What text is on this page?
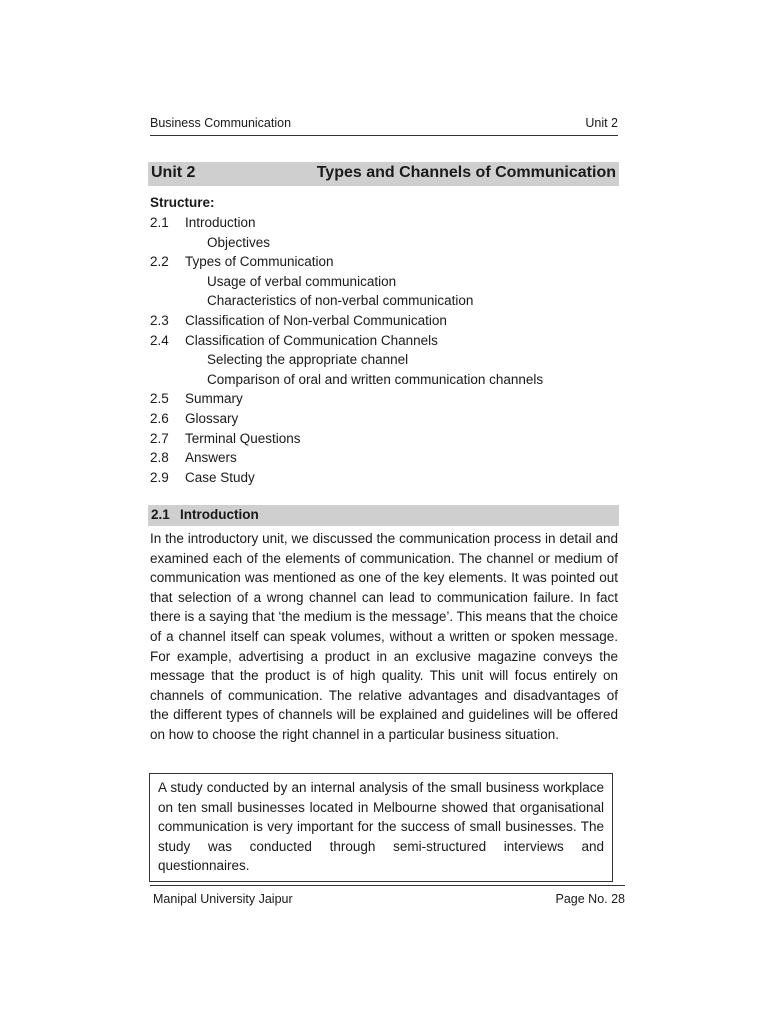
Business Communication	Unit 2
Unit 2	Types and Channels of Communication
Structure:
2.1 Introduction
Objectives
2.2 Types of Communication
Usage of verbal communication
Characteristics of non-verbal communication
2.3 Classification of Non-verbal Communication
2.4 Classification of Communication Channels
Selecting the appropriate channel
Comparison of oral and written communication channels
2.5 Summary
2.6 Glossary
2.7 Terminal Questions
2.8 Answers
2.9 Case Study
2.1 Introduction

In the introductory unit, we discussed the communication process in detail and examined each of the elements of communication. The channel or medium of communication was mentioned as one of the key elements. It was pointed out that selection of a wrong channel can lead to communication failure. In fact there is a saying that ‘the medium is the message’. This means that the choice of a channel itself can speak volumes, without a written or spoken message. For example, advertising a product in an exclusive magazine conveys the message that the product is of high quality. This unit will focus entirely on channels of communication. The relative advantages and disadvantages of the different types of channels will be explained and guidelines will be offered on how to choose the right channel in a particular business situation.

A study conducted by an internal analysis of the small business workplace on ten small businesses located in Melbourne showed that organisational communication is very important for the success of small businesses. The study was conducted through semi-structured interviews and questionnaires.
Manipal University Jaipur	Page No. 28
